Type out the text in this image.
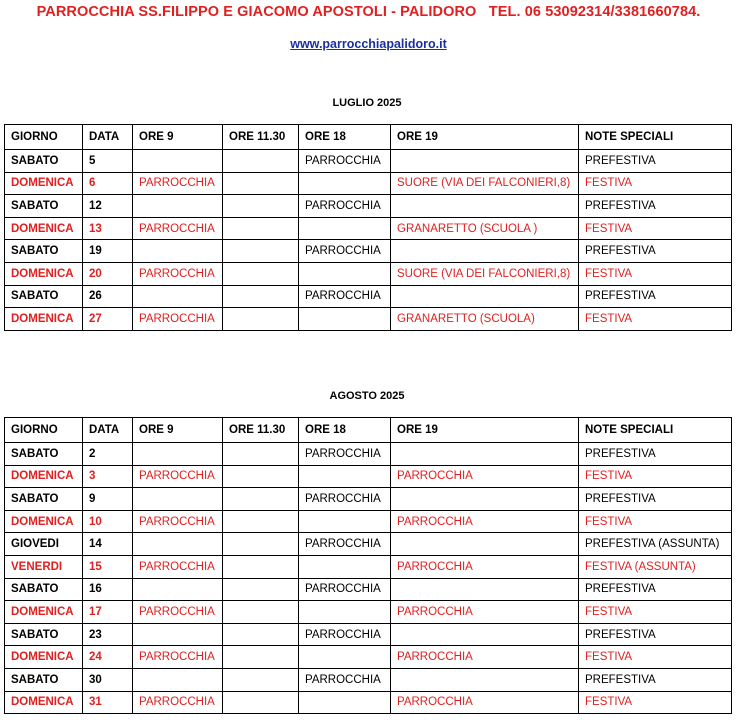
PARROCCHIA SS.FILIPPO E GIACOMO APOSTOLI - PALIDORO   TEL. 06 53092314/3381660784.
www.parrocchiapalidoro.it
LUGLIO 2025
GIORNO	DATA	ORE 9	ORE 11.30	ORE 18	ORE 19	NOTE SPECIALI
SABATO	5			PARROCCHIA		PREFESTIVA
DOMENICA	6	PARROCCHIA			SUORE (VIA DEI FALCONIERI,8)	FESTIVA
SABATO	12			PARROCCHIA		PREFESTIVA
DOMENICA	13	PARROCCHIA			GRANARETTO (SCUOLA )	FESTIVA
SABATO	19			PARROCCHIA		PREFESTIVA
DOMENICA	20	PARROCCHIA			SUORE (VIA DEI FALCONIERI,8)	FESTIVA
SABATO	26			PARROCCHIA		PREFESTIVA
DOMENICA	27	PARROCCHIA			GRANARETTO (SCUOLA)	FESTIVA
AGOSTO 2025
GIORNO	DATA	ORE 9	ORE 11.30	ORE 18	ORE 19	NOTE SPECIALI
SABATO	2			PARROCCHIA		PREFESTIVA
DOMENICA	3	PARROCCHIA			PARROCCHIA	FESTIVA
SABATO	9			PARROCCHIA		PREFESTIVA
DOMENICA	10	PARROCCHIA			PARROCCHIA	FESTIVA
GIOVEDI	14			PARROCCHIA		PREFESTIVA (ASSUNTA)
VENERDI	15	PARROCCHIA			PARROCCHIA	FESTIVA (ASSUNTA)
SABATO	16			PARROCCHIA		PREFESTIVA
DOMENICA	17	PARROCCHIA			PARROCCHIA	FESTIVA
SABATO	23			PARROCCHIA		PREFESTIVA
DOMENICA	24	PARROCCHIA			PARROCCHIA	FESTIVA
SABATO	30			PARROCCHIA		PREFESTIVA
DOMENICA	31	PARROCCHIA			PARROCCHIA	FESTIVA
